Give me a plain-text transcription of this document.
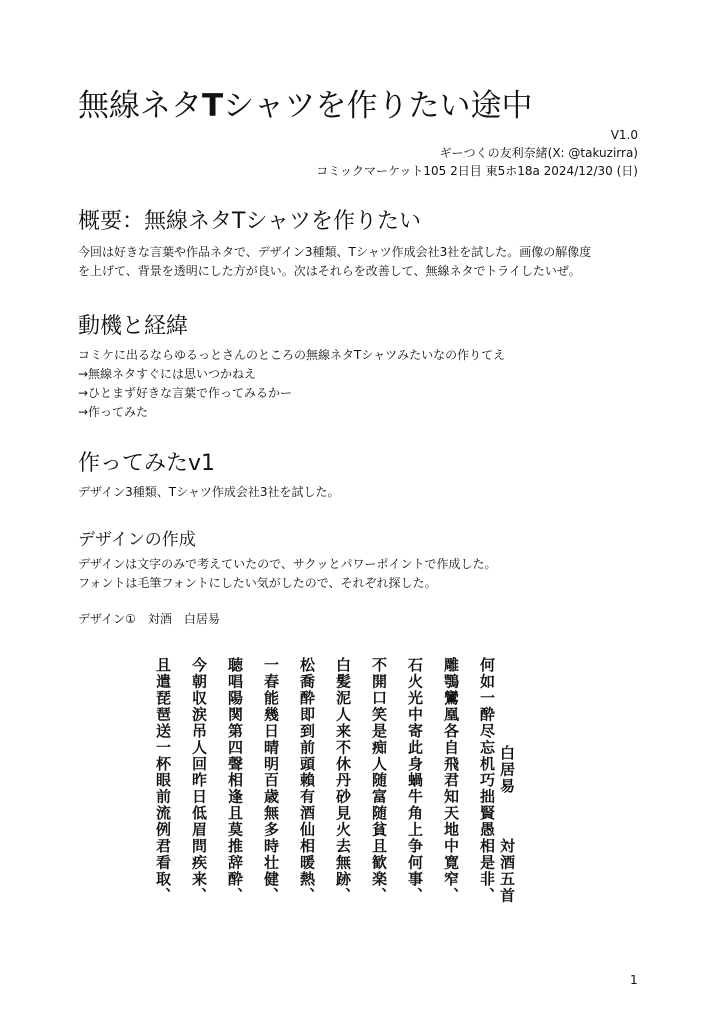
無線ネタTシャツを作りたい途中
V1.0
ギーつくの友利奈緒(X: @takuzirra)
コミックマーケット105 2日目 東5ホ18a 2024/12/30 (日)
概要：無線ネタTシャツを作りたい
今回は好きな言葉や作品ネタで、デザイン3種類、Tシャツ作成会社3社を試した。画像の解像度
を上げて、背景を透明にした方が良い。次はそれらを改善して、無線ネタでトライしたいぜ。
動機と経緯
コミケに出るならゆるっとさんのところの無線ネタTシャツみたいなの作りてえ
→無線ネタすぐには思いつかねえ
→ひとまず好きな言葉で作ってみるかー
→作ってみた
作ってみたv1
デザイン3種類、Tシャツ作成会社3社を試した。
デザインの作成
デザインは文字のみで考えていたので、サクッとパワーポイントで作成した。
フォントは毛筆フォントにしたい気がしたので、それぞれ探した。
デザイン①　対酒　白居易
対酒五首
白居易
巧拙賢愚相是非、
何如一酔尽忘机
君知天地中寛窄、
雕鶚鸞凰各自飛
蝸牛角上争何事、
石火光中寄此身
随富随貧且歓楽、
不開口笑是痴人
丹砂見火去無跡、
白髪泥人来不休
賴有酒仙相暖熱、
松喬酔即到前頭
百歳無多時壮健、
一春能幾日晴明
相逢且莫推辞酔、
聴唱陽関第四聲
昨日低眉問疾来、
今朝収涙吊人回
眼前流例君看取、
且遣琵琶送一杯
1
